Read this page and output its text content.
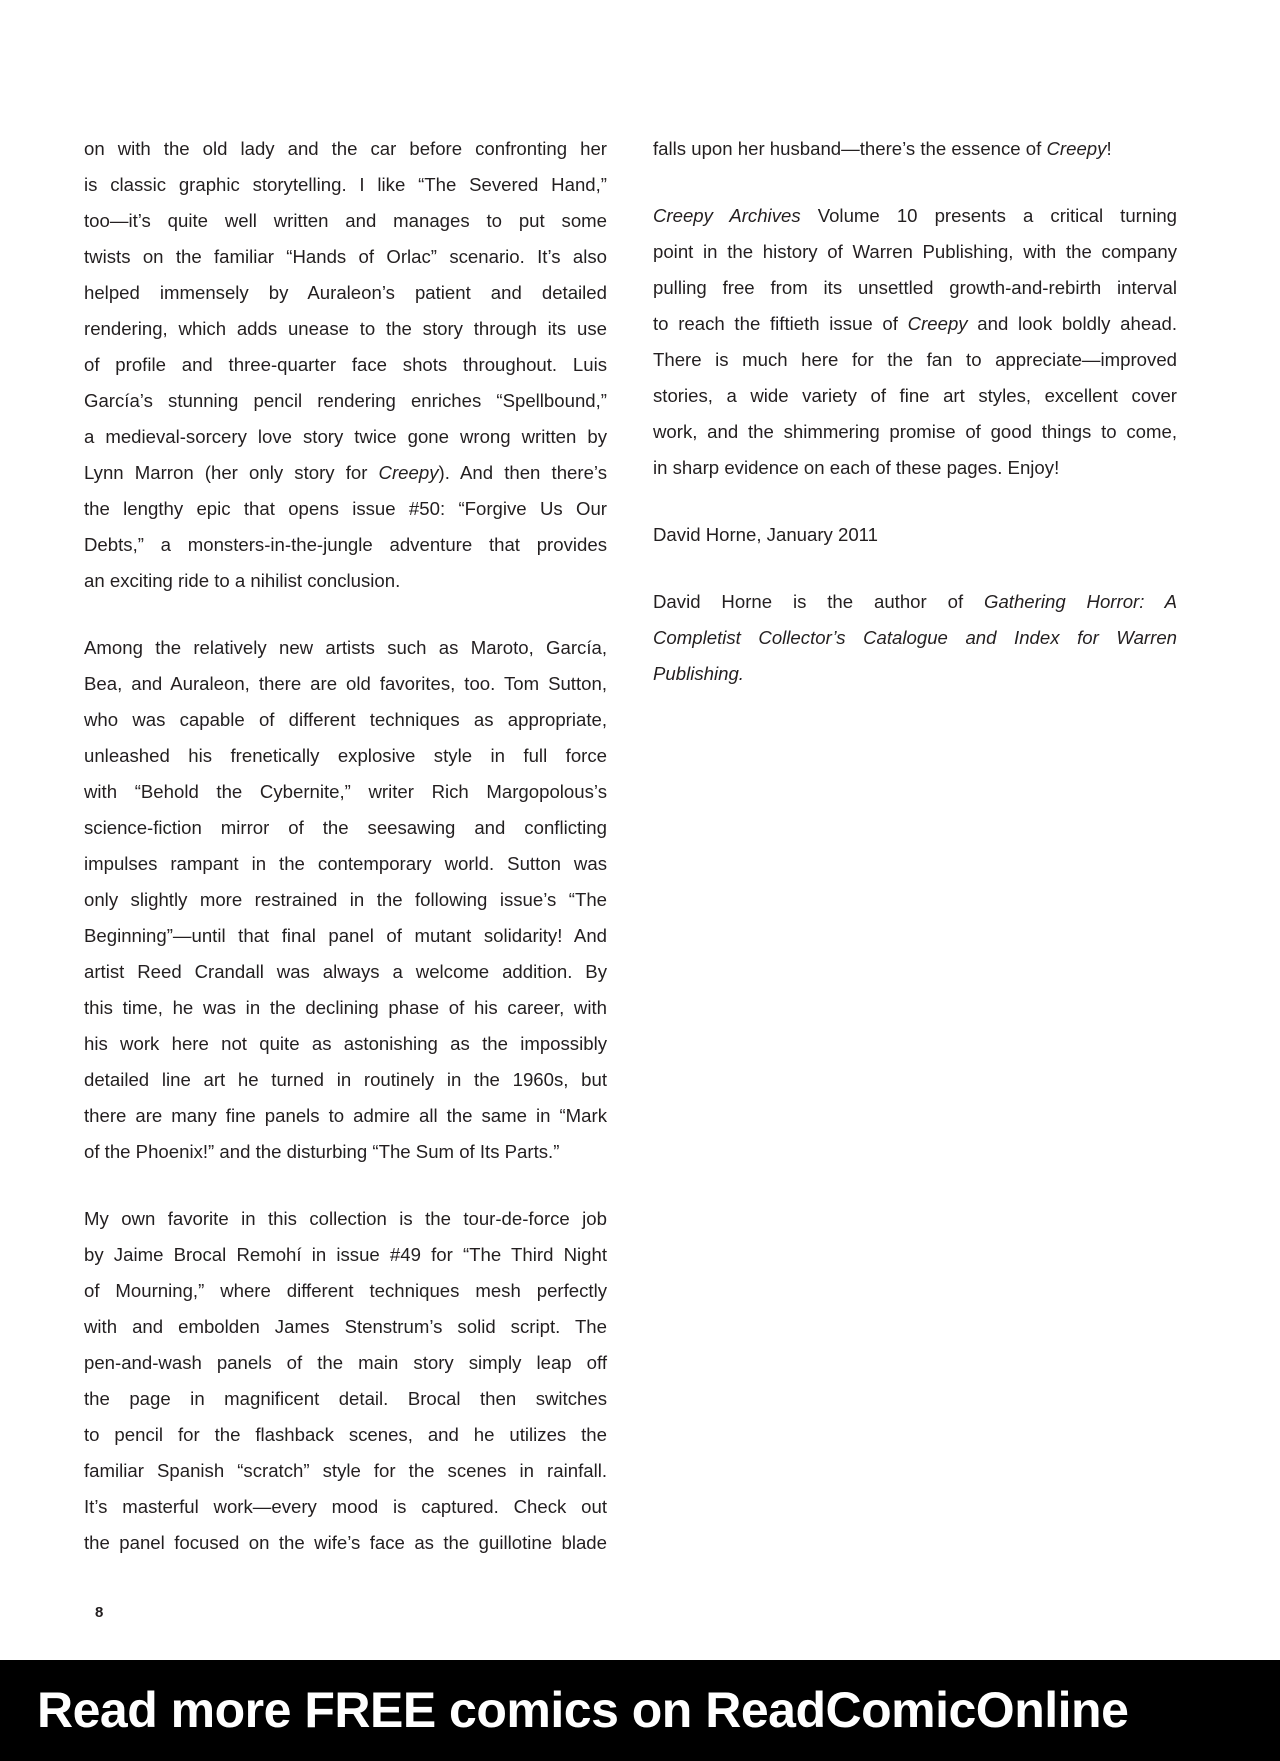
on with the old lady and the car before confronting her
is classic graphic storytelling. I like “The Severed Hand,”
too—it’s quite well written and manages to put some
twists on the familiar “Hands of Orlac” scenario. It’s also
helped immensely by Auraleon’s patient and detailed
rendering, which adds unease to the story through its use
of profile and three-quarter face shots throughout. Luis
García’s stunning pencil rendering enriches “Spellbound,”
a medieval-sorcery love story twice gone wrong written by
Lynn Marron (her only story for Creepy). And then there’s
the lengthy epic that opens issue #50: “Forgive Us Our
Debts,” a monsters-in-the-jungle adventure that provides
an exciting ride to a nihilist conclusion.
Among the relatively new artists such as Maroto, García,
Bea, and Auraleon, there are old favorites, too. Tom Sutton,
who was capable of different techniques as appropriate,
unleashed his frenetically explosive style in full force
with “Behold the Cybernite,” writer Rich Margopolous’s
science-fiction mirror of the seesawing and conflicting
impulses rampant in the contemporary world. Sutton was
only slightly more restrained in the following issue’s “The
Beginning”—until that final panel of mutant solidarity! And
artist Reed Crandall was always a welcome addition. By
this time, he was in the declining phase of his career, with
his work here not quite as astonishing as the impossibly
detailed line art he turned in routinely in the 1960s, but
there are many fine panels to admire all the same in “Mark
of the Phoenix!” and the disturbing “The Sum of Its Parts.”
My own favorite in this collection is the tour-de-force job
by Jaime Brocal Remohí in issue #49 for “The Third Night
of Mourning,” where different techniques mesh perfectly
with and embolden James Stenstrum’s solid script. The
pen-and-wash panels of the main story simply leap off
the page in magnificent detail. Brocal then switches
to pencil for the flashback scenes, and he utilizes the
familiar Spanish “scratch” style for the scenes in rainfall.
It’s masterful work—every mood is captured. Check out
the panel focused on the wife’s face as the guillotine blade
falls upon her husband—there’s the essence of Creepy!
Creepy Archives Volume 10 presents a critical turning
point in the history of Warren Publishing, with the company
pulling free from its unsettled growth-and-rebirth interval
to reach the fiftieth issue of Creepy and look boldly ahead.
There is much here for the fan to appreciate—improved
stories, a wide variety of fine art styles, excellent cover
work, and the shimmering promise of good things to come,
in sharp evidence on each of these pages. Enjoy!
David Horne, January 2011
David Horne is the author of Gathering Horror: A
Completist Collector’s Catalogue and Index for Warren
Publishing.
8
Read more FREE comics on ReadComicOnline
